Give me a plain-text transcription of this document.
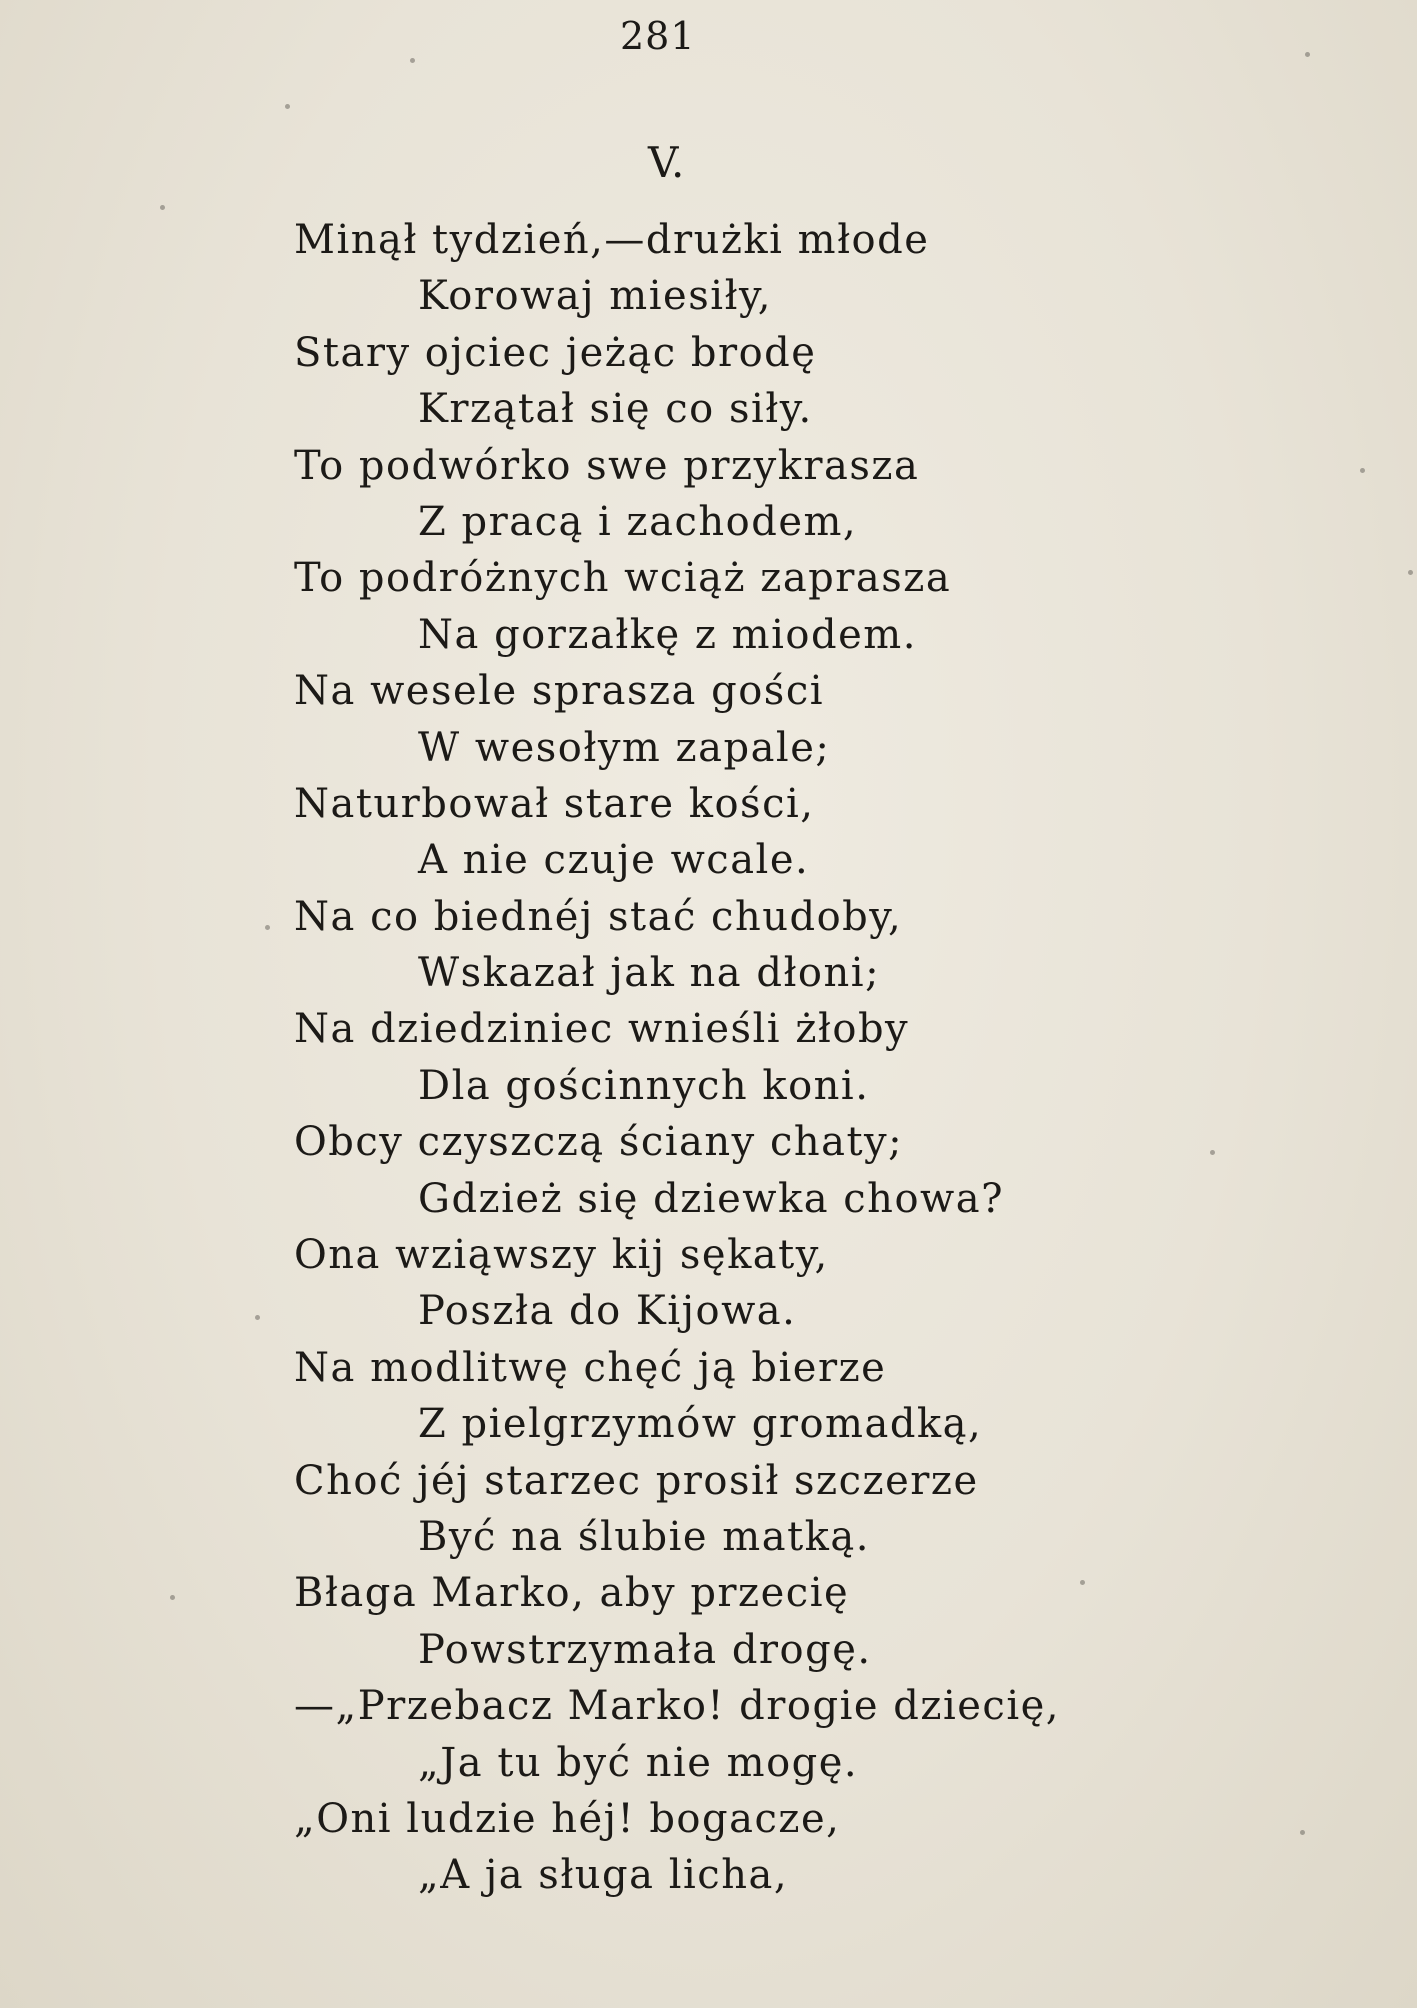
281
V.
Minął tydzień,—drużki młode
Korowaj miesiły,
Stary ojciec jeżąc brodę
Krzątał się co siły.
To podwórko swe przykrasza
Z pracą i zachodem,
To podróżnych wciąż zaprasza
Na gorzałkę z miodem.
Na wesele sprasza gości
W wesołym zapale;
Naturbował stare kości,
A nie czuje wcale.
Na co biednéj stać chudoby,
Wskazał jak na dłoni;
Na dziedziniec wnieśli żłoby
Dla gościnnych koni.
Obcy czyszczą ściany chaty;
Gdzież się dziewka chowa?
Ona wziąwszy kij sękaty,
Poszła do Kijowa.
Na modlitwę chęć ją bierze
Z pielgrzymów gromadką,
Choć jéj starzec prosił szczerze
Być na ślubie matką.
Błaga Marko, aby przecię
Powstrzymała drogę.
—„Przebacz Marko! drogie dziecię,
„Ja tu być nie mogę.
„Oni ludzie héj! bogacze,
„A ja sługa licha,
